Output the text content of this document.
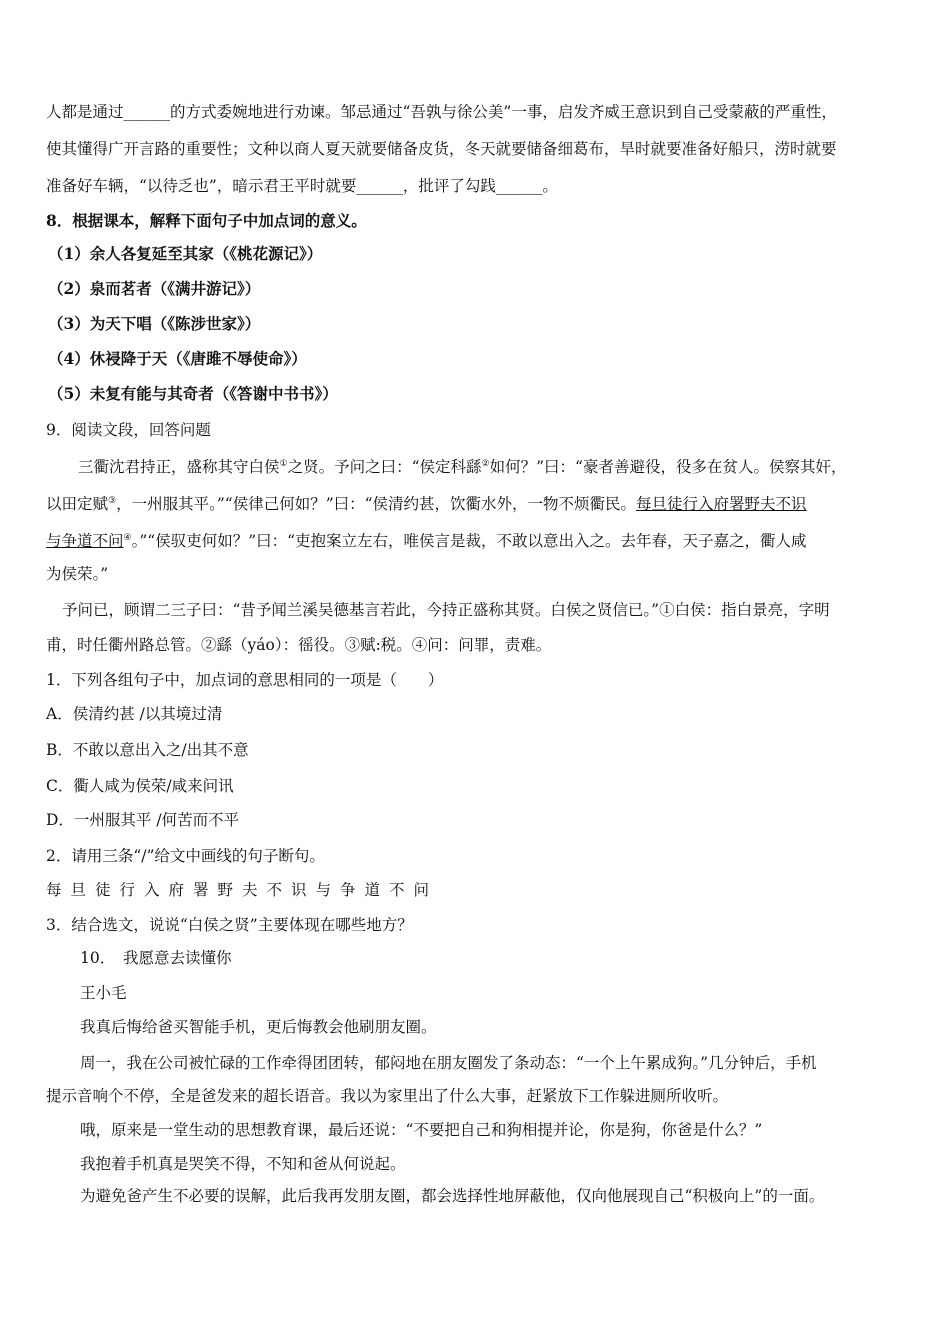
人都是通过______的方式委婉地进行劝谏。邹忌通过“吾孰与徐公美”一事，启发齐威王意识到自己受蒙蔽的严重性，
使其懂得广开言路的重要性；文种以商人夏天就要储备皮货，冬天就要储备细葛布，旱时就要准备好船只，涝时就要
准备好车辆，“以待乏也”，暗示君王平时就要______，批评了勾践______。
8．根据课本，解释下面句子中加点词的意义。
（1）余人各复延至其家（《桃花源记》）
（2）泉而茗者（《满井游记》）
（3）为天下唱（《陈涉世家》）
（4）休祲降于天（《唐雎不辱使命》）
（5）未复有能与其奇者（《答谢中书书》）
9．阅读文段，回答问题
三衢沈君持正，盛称其守白侯①之贤。予问之曰：“侯定科繇②如何？”曰：“豪者善避役，役多在贫人。侯察其奸，
以田定赋③，一州服其平。”“侯律己何如？”曰：“侯清约甚，饮衢水外，一物不烦衢民。每旦徒行入府署野夫不识
与争道不问④。”“侯驭吏何如？”曰：“吏抱案立左右，唯侯言是裁，不敢以意出入之。去年春，天子嘉之，衢人咸
为侯荣。”
予问已，顾谓二三子曰：“昔予闻兰溪吴德基言若此，今持正盛称其贤。白侯之贤信已。”①白侯：指白景亮，字明
甫，时任衢州路总管。②繇（yáo）：徭役。③赋:税。④问：问罪，责难。
1．下列各组句子中，加点词的意思相同的一项是（　　）
A．侯清约甚 /以其境过清
B．不敢以意出入之/出其不意
C．衢人咸为侯荣/咸来问讯
D．一州服其平 /何苦而不平
2．请用三条“/”给文中画线的句子断句。
每旦徒行入府署野夫不识与争道不问
3．结合选文，说说“白侯之贤”主要体现在哪些地方？
10．　我愿意去读懂你
王小毛
我真后悔给爸买智能手机，更后悔教会他刷朋友圈。
周一，我在公司被忙碌的工作牵得团团转，郁闷地在朋友圈发了条动态：“一个上午累成狗。”几分钟后，手机
提示音响个不停，全是爸发来的超长语音。我以为家里出了什么大事，赶紧放下工作躲进厕所收听。
哦，原来是一堂生动的思想教育课，最后还说：“不要把自己和狗相提并论，你是狗，你爸是什么？”
我抱着手机真是哭笑不得，不知和爸从何说起。
为避免爸产生不必要的误解，此后我再发朋友圈，都会选择性地屏蔽他，仅向他展现自己“积极向上”的一面。
